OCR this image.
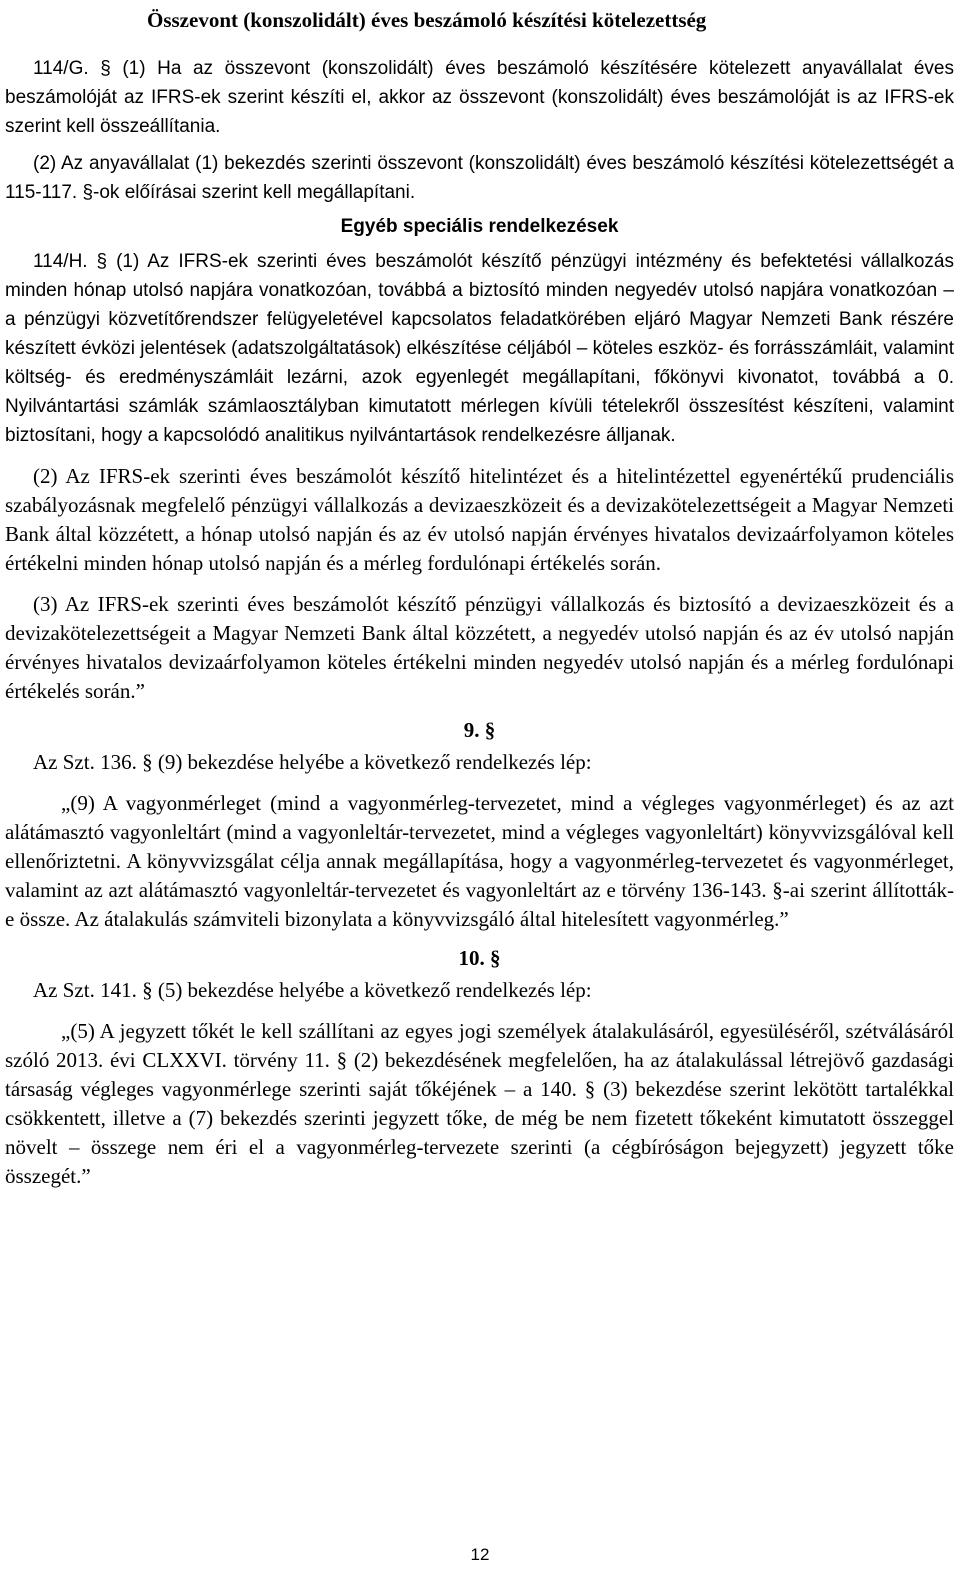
Összevont (konszolidált) éves beszámoló készítési kötelezettség

114/G. § (1) Ha az összevont (konszolidált) éves beszámoló készítésére kötelezett anyavállalat éves beszámolóját az IFRS-ek szerint készíti el, akkor az összevont (konszolidált) éves beszámolóját is az IFRS-ek szerint kell összeállítania.

(2) Az anyavállalat (1) bekezdés szerinti összevont (konszolidált) éves beszámoló készítési kötelezettségét a 115-117. §-ok előírásai szerint kell megállapítani.

Egyéb speciális rendelkezések

114/H. § (1) Az IFRS-ek szerinti éves beszámolót készítő pénzügyi intézmény és befektetési vállalkozás minden hónap utolsó napjára vonatkozóan, továbbá a biztosító minden negyedév utolsó napjára vonatkozóan – a pénzügyi közvetítőrendszer felügyeletével kapcsolatos feladatkörében eljáró Magyar Nemzeti Bank részére készített évközi jelentések (adatszolgáltatások) elkészítése céljából – köteles eszköz- és forrásszámláit, valamint költség- és eredményszámláit lezárni, azok egyenlegét megállapítani, főkönyvi kivonatot, továbbá a 0. Nyilvántartási számlák számlaosztályban kimutatott mérlegen kívüli tételekről összesítést készíteni, valamint biztosítani, hogy a kapcsolódó analitikus nyilvántartások rendelkezésre álljanak.

(2) Az IFRS-ek szerinti éves beszámolót készítő hitelintézet és a hitelintézettel egyenértékű prudenciális szabályozásnak megfelelő pénzügyi vállalkozás a devizaeszközeit és a devizakötelezettségeit a Magyar Nemzeti Bank által közzétett, a hónap utolsó napján és az év utolsó napján érvényes hivatalos devizaárfolyamon köteles értékelni minden hónap utolsó napján és a mérleg fordulónapi értékelés során.

(3) Az IFRS-ek szerinti éves beszámolót készítő pénzügyi vállalkozás és biztosító a devizaeszközeit és a devizakötelezettségeit a Magyar Nemzeti Bank által közzétett, a negyedév utolsó napján és az év utolsó napján érvényes hivatalos devizaárfolyamon köteles értékelni minden negyedév utolsó napján és a mérleg fordulónapi értékelés során.”

9. §

Az Szt. 136. § (9) bekezdése helyébe a következő rendelkezés lép:

„(9) A vagyonmérleget (mind a vagyonmérleg-tervezetet, mind a végleges vagyonmérleget) és az azt alátámasztó vagyonleltárt (mind a vagyonleltár-tervezetet, mind a végleges vagyonleltárt) könyvvizsgálóval kell ellenőriztetni. A könyvvizsgálat célja annak megállapítása, hogy a vagyonmérleg-tervezetet és vagyonmérleget, valamint az azt alátámasztó vagyonleltár-tervezetet és vagyonleltárt az e törvény 136-143. §-ai szerint állították-e össze. Az átalakulás számviteli bizonylata a könyvvizsgáló által hitelesített vagyonmérleg.”

10. §

Az Szt. 141. § (5) bekezdése helyébe a következő rendelkezés lép:

„(5) A jegyzett tőkét le kell szállítani az egyes jogi személyek átalakulásáról, egyesüléséről, szétválásáról szóló 2013. évi CLXXVI. törvény 11. § (2) bekezdésének megfelelően, ha az átalakulással létrejövő gazdasági társaság végleges vagyonmérlege szerinti saját tőkéjének – a 140. § (3) bekezdése szerint lekötött tartalékkal csökkentett, illetve a (7) bekezdés szerinti jegyzett tőke, de még be nem fizetett tőkeként kimutatott összeggel növelt – összege nem éri el a vagyonmérleg-tervezete szerinti (a cégbíróságon bejegyzett) jegyzett tőke összegét.”

12
